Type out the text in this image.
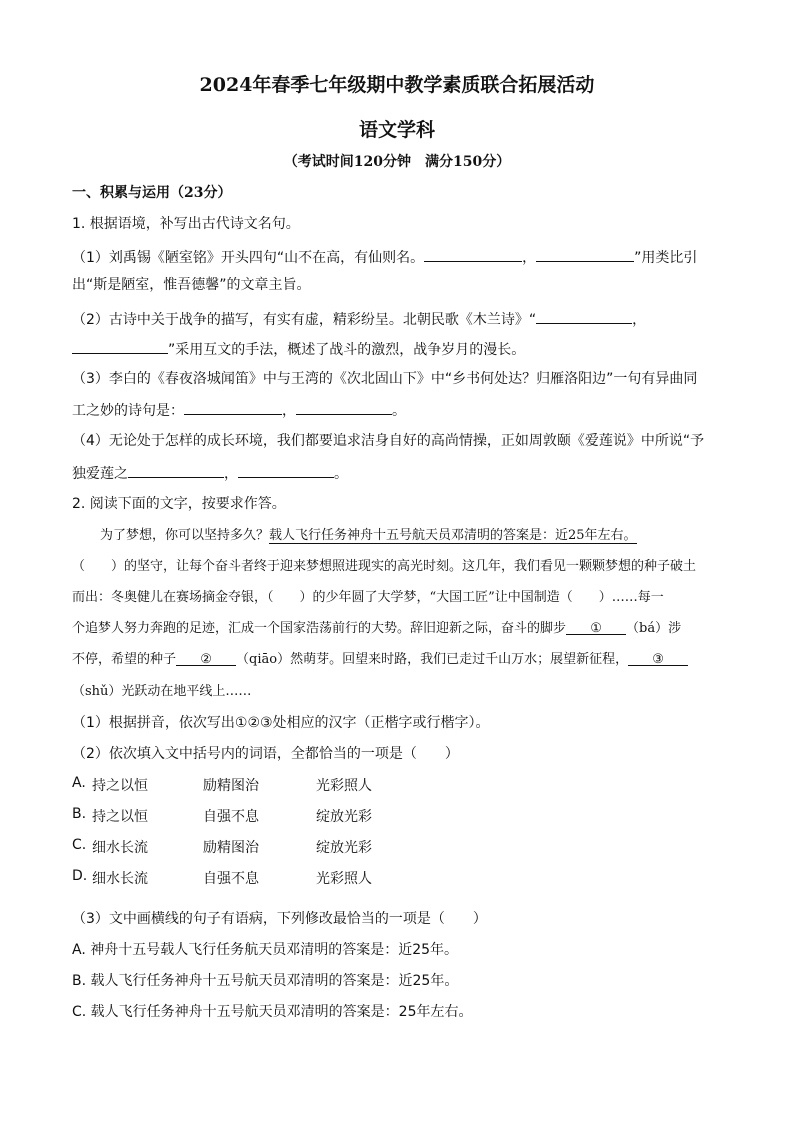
2024年春季七年级期中教学素质联合拓展活动
语文学科
（考试时间120分钟　满分150分）
一、积累与运用（23分）
1. 根据语境，补写出古代诗文名句。
（1）刘禹锡《陋室铭》开头四句“山不在高，有仙则名。	，	”用类比引
出“斯是陋室，惟吾德馨”的文章主旨。
（2）古诗中关于战争的描写，有实有虚，精彩纷呈。北朝民歌《木兰诗》“	，
”采用互文的手法，概述了战斗的激烈，战争岁月的漫长。
（3）李白的《春夜洛城闻笛》中与王湾的《次北固山下》中“乡书何处达？归雁洛阳边”一句有异曲同
工之妙的诗句是：	，	。
（4）无论处于怎样的成长环境，我们都要追求洁身自好的高尚情操，正如周敦颐《爱莲说》中所说“予
独爱莲之	，	。
2. 阅读下面的文字，按要求作答。
为了梦想，你可以坚持多久？载人飞行任务神舟十五号航天员邓清明的答案是：近25年左右。
（　　）的坚守，让每个奋斗者终于迎来梦想照进现实的高光时刻。这几年，我们看见一颗颗梦想的种子破土
而出：冬奥健儿在赛场摘金夺银，（　　）的少年圆了大学梦，“大国工匠”让中国制造（　　）……每一
个追梦人努力奔跑的足迹，汇成一个国家浩荡前行的大势。辞旧迎新之际，奋斗的脚步 ① （bá）涉
不停，希望的种子 ② （qiāo）然萌芽。回望来时路，我们已走过千山万水；展望新征程， ③
（shǔ）光跃动在地平线上……
（1）根据拼音，依次写出①②③处相应的汉字（正楷字或行楷字）。
（2）依次填入文中括号内的词语，全都恰当的一项是（　　）
A. 持之以恒	励精图治	光彩照人
B. 持之以恒	自强不息	绽放光彩
C. 细水长流	励精图治	绽放光彩
D. 细水长流	自强不息	光彩照人
（3）文中画横线的句子有语病，下列修改最恰当的一项是（　　）
A. 神舟十五号载人飞行任务航天员邓清明的答案是：近25年。
B. 载人飞行任务神舟十五号航天员邓清明的答案是：近25年。
C. 载人飞行任务神舟十五号航天员邓清明的答案是：25年左右。
